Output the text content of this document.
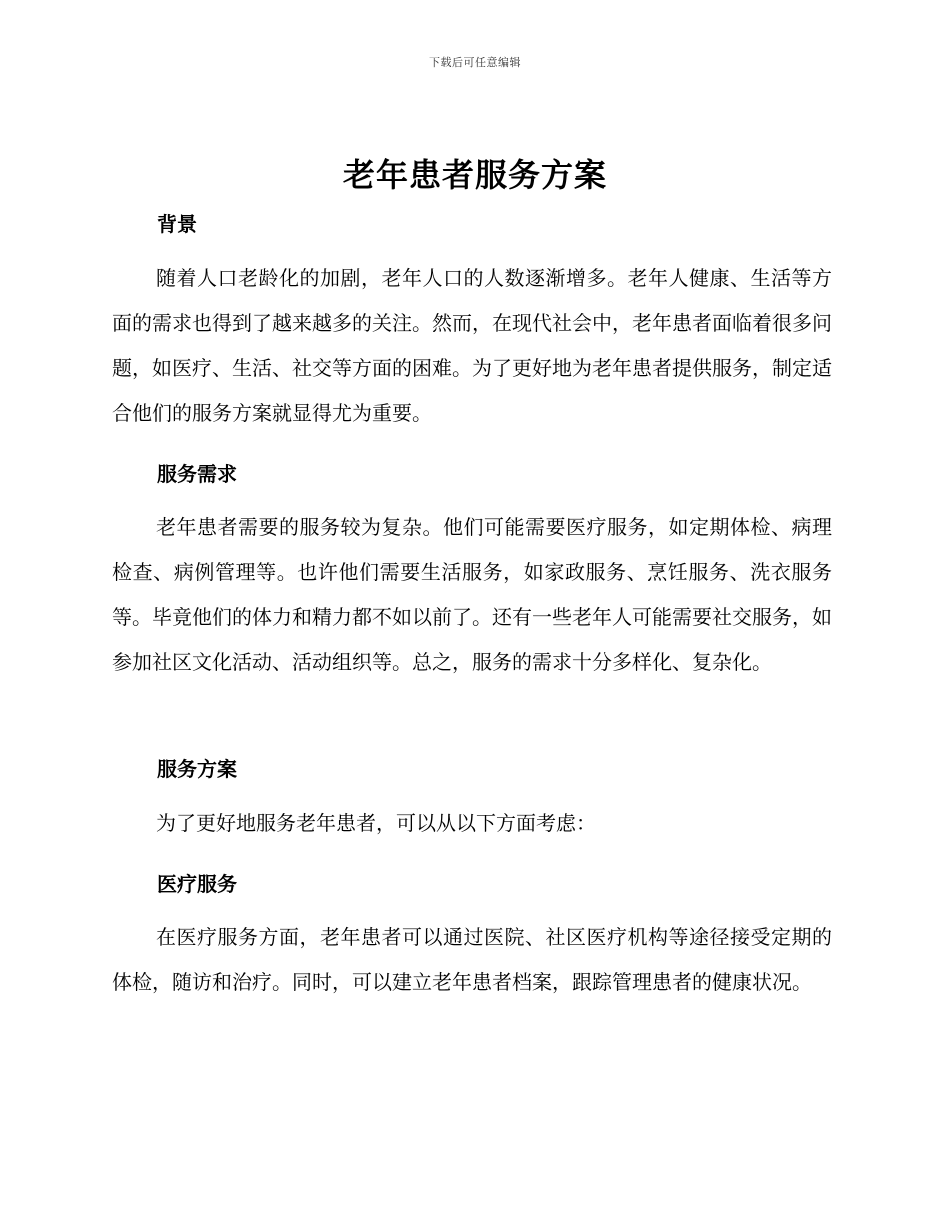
下载后可任意编辑
老年患者服务方案
背景

随着人口老龄化的加剧，老年人口的人数逐渐增多。老年人健康、生活等方面的需求也得到了越来越多的关注。然而，在现代社会中，老年患者面临着很多问题，如医疗、生活、社交等方面的困难。为了更好地为老年患者提供服务，制定适合他们的服务方案就显得尤为重要。

服务需求

老年患者需要的服务较为复杂。他们可能需要医疗服务，如定期体检、病理检查、病例管理等。也许他们需要生活服务，如家政服务、烹饪服务、洗衣服务等。毕竟他们的体力和精力都不如以前了。还有一些老年人可能需要社交服务，如参加社区文化活动、活动组织等。总之，服务的需求十分多样化、复杂化。

服务方案

为了更好地服务老年患者，可以从以下方面考虑：

医疗服务

在医疗服务方面，老年患者可以通过医院、社区医疗机构等途径接受定期的体检，随访和治疗。同时，可以建立老年患者档案，跟踪管理患者的健康状况。
